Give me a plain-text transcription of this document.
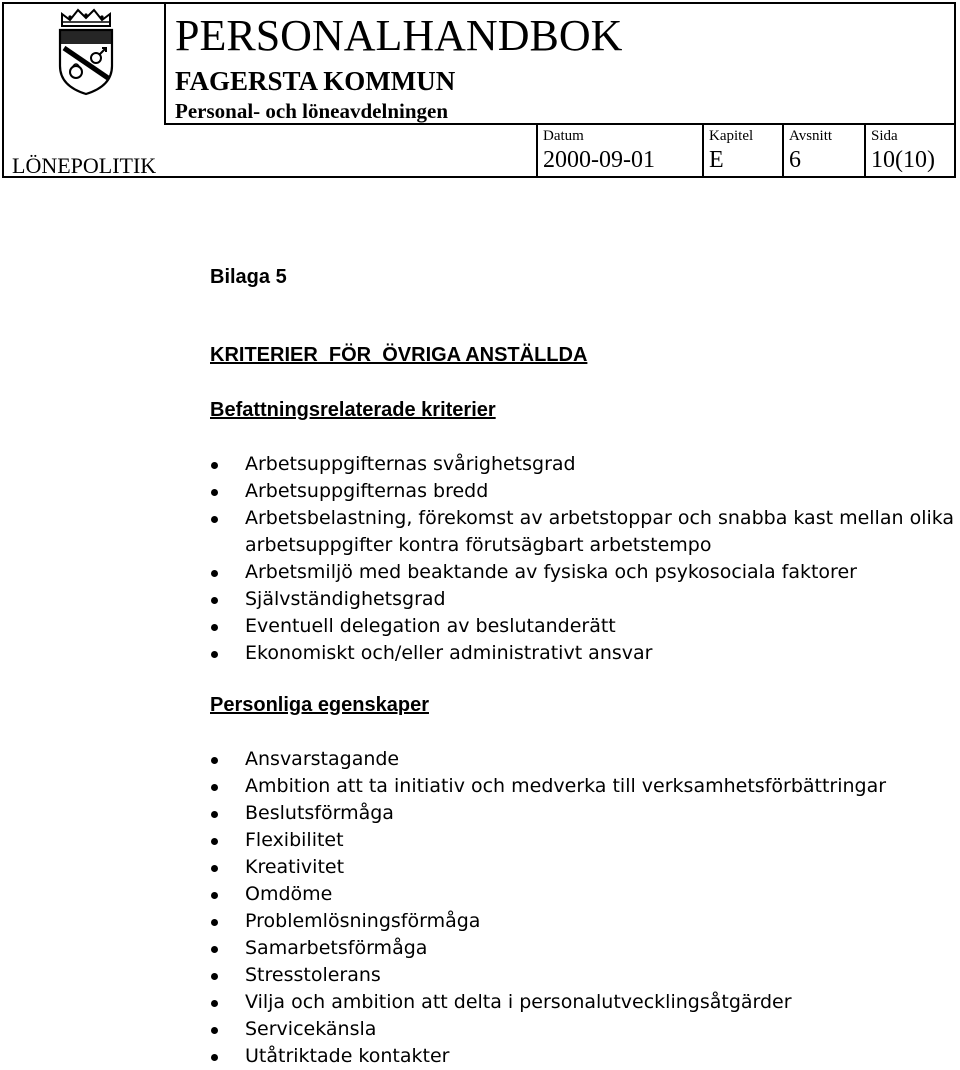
PERSONALHANDBOK
FAGERSTA KOMMUN
Personal- och löneavdelningen
LÖNEPOLITIK
Datum
2000-09-01
Kapitel
E
Avsnitt
6
Sida
10(10)
Bilaga 5
KRITERIER  FÖR  ÖVRIGA ANSTÄLLDA
Befattningsrelaterade kriterier
Arbetsuppgifternas svårighetsgrad
Arbetsuppgifternas bredd
Arbetsbelastning, förekomst av arbetstoppar och snabba kast mellan olika
arbetsuppgifter kontra förutsägbart arbetstempo
Arbetsmiljö med beaktande av fysiska och psykosociala faktorer
Självständighetsgrad
Eventuell delegation av beslutanderätt
Ekonomiskt och/eller administrativt ansvar
Personliga egenskaper
Ansvarstagande
Ambition att ta initiativ och medverka till verksamhetsförbättringar
Beslutsförmåga
Flexibilitet
Kreativitet
Omdöme
Problemlösningsförmåga
Samarbetsförmåga
Stresstolerans
Vilja och ambition att delta i personalutvecklingsåtgärder
Servicekänsla
Utåtriktade kontakter
